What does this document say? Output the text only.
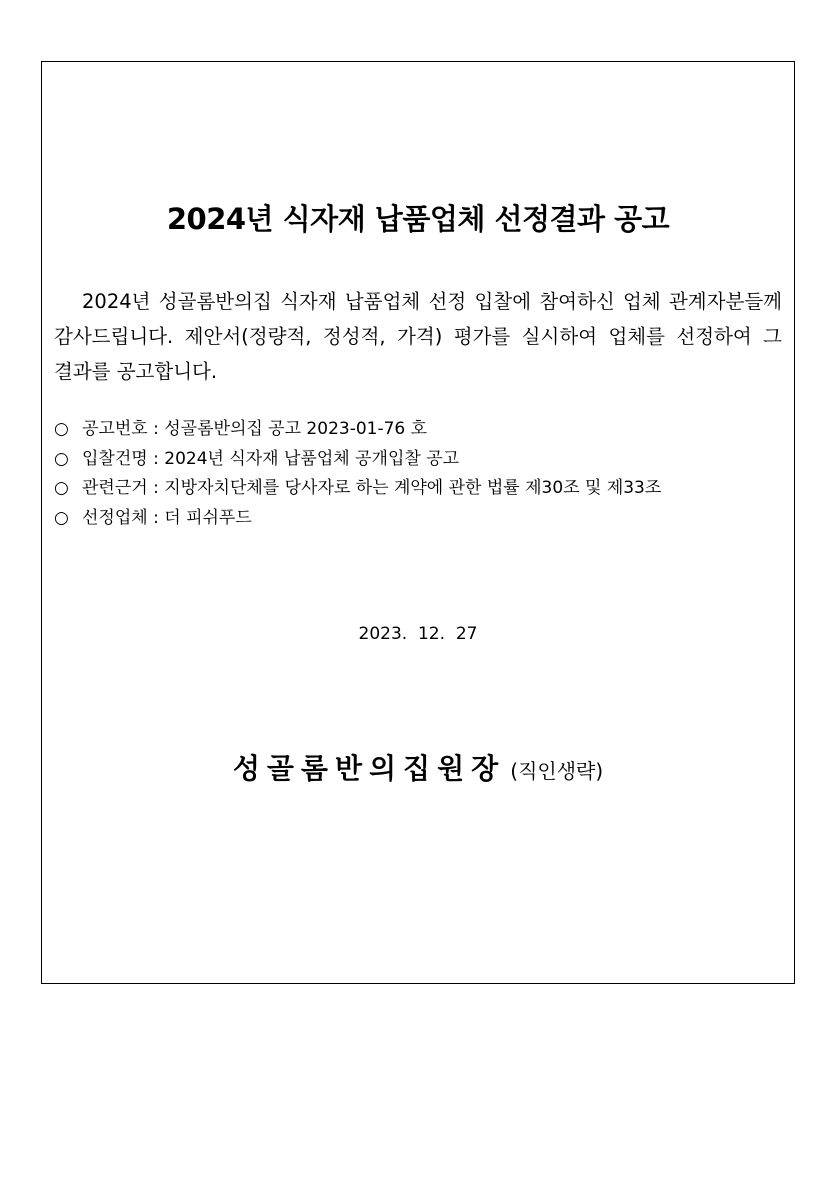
2024년 식자재 납품업체 선정결과 공고

2024년 성골롬반의집 식자재 납품업체 선정 입찰에 참여하신 업체 관계자분들께 감사드립니다. 제안서(정량적, 정성적, 가격) 평가를 실시하여 업체를 선정하여 그 결과를 공고합니다.

○ 공고번호 : 성골롬반의집 공고 2023-01-76 호
○ 입찰건명 : 2024년 식자재 납품업체 공개입찰 공고
○ 관련근거 : 지방자치단체를 당사자로 하는 계약에 관한 법률 제30조 및 제33조
○ 선정업체 : 더 피쉬푸드

2023.  12.  27

성골롬반의집원장 (직인생략)
